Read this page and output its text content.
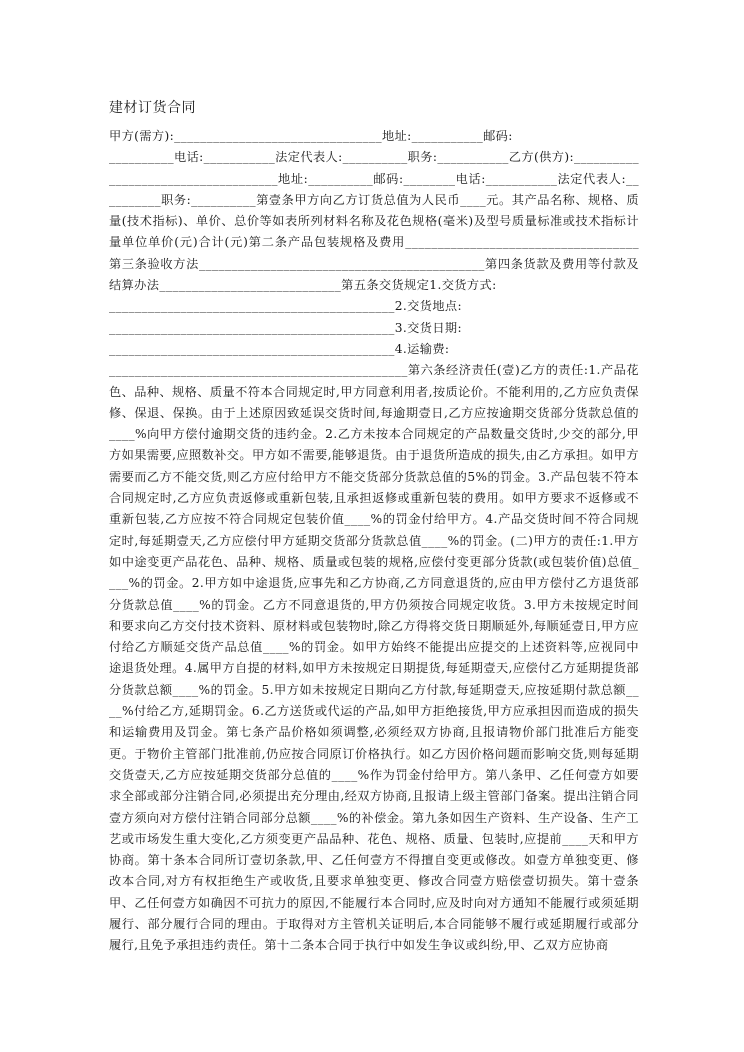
建材订货合同

甲方(需方):________________________________地址:___________邮码:

__________电话:___________法定代表人:__________职务:___________乙方(供方):____________________________________地址:__________邮码:________电话:___________法定代表人:__________职务:__________第壹条甲方向乙方订货总值为人民币____元。其产品名称、规格、质量(技术指标)、单价、总价等如表所列材料名称及花色规格(毫米)及型号质量标准或技术指标计量单位单价(元)合计(元)第二条产品包装规格及费用____________________________________第三条验收方法____________________________________________第四条货款及费用等付款及结算办法____________________________第五条交货规定1.交货方式:

____________________________________________2.交货地点:

____________________________________________3.交货日期:

____________________________________________4.运输费:

______________________________________________第六条经济责任(壹)乙方的责任:1.产品花色、品种、规格、质量不符本合同规定时,甲方同意利用者,按质论价。不能利用的,乙方应负责保修、保退、保换。由于上述原因致延误交货时间,每逾期壹日,乙方应按逾期交货部分货款总值的____%向甲方偿付逾期交货的违约金。2.乙方未按本合同规定的产品数量交货时,少交的部分,甲方如果需要,应照数补交。甲方如不需要,能够退货。由于退货所造成的损失,由乙方承担。如甲方需要而乙方不能交货,则乙方应付给甲方不能交货部分货款总值的5%的罚金。3.产品包装不符本合同规定时,乙方应负责返修或重新包装,且承担返修或重新包装的费用。如甲方要求不返修或不重新包装,乙方应按不符合同规定包装价值____%的罚金付给甲方。4.产品交货时间不符合同规定时,每延期壹天,乙方应偿付甲方延期交货部分货款总值____%的罚金。(二)甲方的责任:1.甲方如中途变更产品花色、品种、规格、质量或包装的规格,应偿付变更部分货款(或包装价值)总值____%的罚金。2.甲方如中途退货,应事先和乙方协商,乙方同意退货的,应由甲方偿付乙方退货部分货款总值____%的罚金。乙方不同意退货的,甲方仍须按合同规定收货。3.甲方未按规定时间和要求向乙方交付技术资料、原材料或包装物时,除乙方得将交货日期顺延外,每顺延壹日,甲方应付给乙方顺延交货产品总值____%的罚金。如甲方始终不能提出应提交的上述资料等,应视同中途退货处理。4.属甲方自提的材料,如甲方未按规定日期提货,每延期壹天,应偿付乙方延期提货部分货款总额____%的罚金。5.甲方如未按规定日期向乙方付款,每延期壹天,应按延期付款总额____%付给乙方,延期罚金。6.乙方送货或代运的产品,如甲方拒绝接货,甲方应承担因而造成的损失和运输费用及罚金。第七条产品价格如须调整,必须经双方协商,且报请物价部门批准后方能变更。于物价主管部门批准前,仍应按合同原订价格执行。如乙方因价格问题而影响交货,则每延期交货壹天,乙方应按延期交货部分总值的____%作为罚金付给甲方。第八条甲、乙任何壹方如要求全部或部分注销合同,必须提出充分理由,经双方协商,且报请上级主管部门备案。提出注销合同壹方须向对方偿付注销合同部分总额____%的补偿金。第九条如因生产资料、生产设备、生产工艺或市场发生重大变化,乙方须变更产品品种、花色、规格、质量、包装时,应提前____天和甲方协商。第十条本合同所订壹切条款,甲、乙任何壹方不得擅自变更或修改。如壹方单独变更、修改本合同,对方有权拒绝生产或收货,且要求单独变更、修改合同壹方赔偿壹切损失。第十壹条甲、乙任何壹方如确因不可抗力的原因,不能履行本合同时,应及时向对方通知不能履行或须延期履行、部分履行合同的理由。于取得对方主管机关证明后,本合同能够不履行或延期履行或部分履行,且免予承担违约责任。第十二条本合同于执行中如发生争议或纠纷,甲、乙双方应协商
